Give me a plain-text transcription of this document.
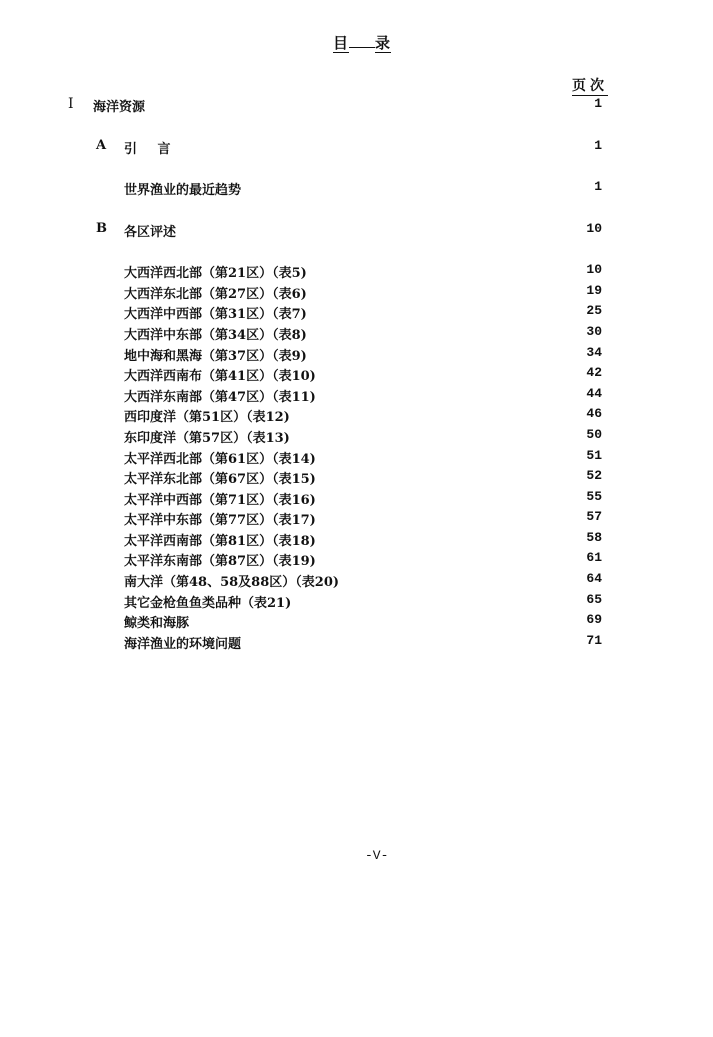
目 录
页次
I 海洋资源	1
A 引 言	1
世界渔业的最近趋势	1
B 各区评述	10
大西洋西北部（第21区）（表5)	10
大西洋东北部（第27区）（表6)	19
大西洋中西部（第31区）（表7)	25
大西洋中东部（第34区）（表8)	30
地中海和黑海（第37区）（表9)	34
大西洋西南布（第41区）（表10)	42
大西洋东南部（第47区）（表11)	44
西印度洋（第51区）（表12)	46
东印度洋（第57区）（表13)	50
太平洋西北部（第61区）（表14)	51
太平洋东北部（第67区）（表15)	52
太平洋中西部（第71区）（表16)	55
太平洋中东部（第77区）（表17)	57
太平洋西南部（第81区）（表18)	58
太平洋东南部（第87区）（表19)	61
南大洋（第48、58及88区）（表20)	64
其它金枪鱼鱼类品种（表21)	65
鲸类和海豚	69
海洋渔业的环境问题	71
-V-
